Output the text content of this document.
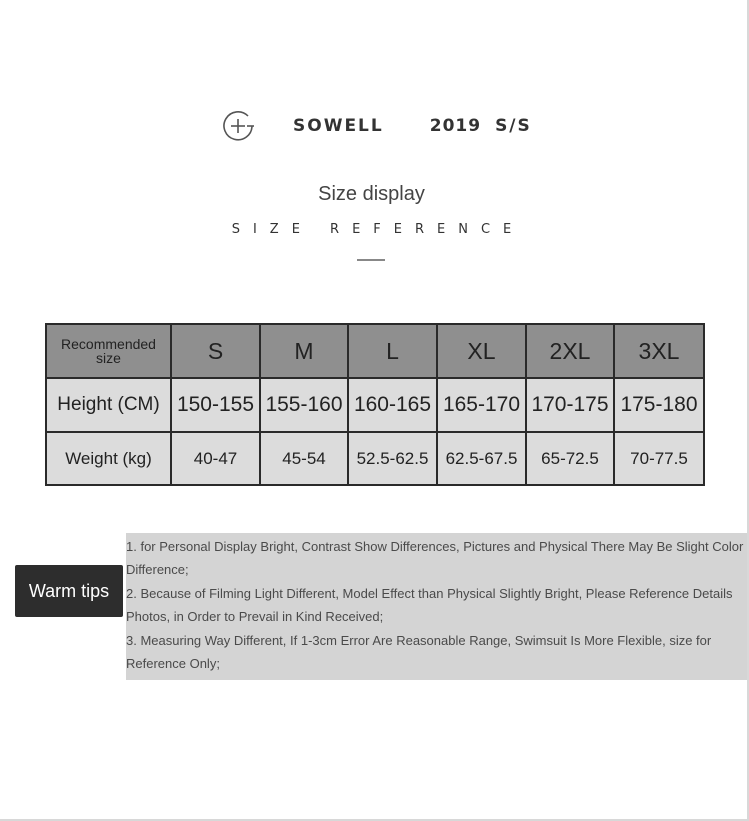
SOWELL	2019 S/S
Size display
SIZE REFERENCE
Recommended size	S	M	L	XL	2XL	3XL
Height (CM)	150-155	155-160	160-165	165-170	170-175	175-180
Weight (kg)	40-47	45-54	52.5-62.5	62.5-67.5	65-72.5	70-77.5
Warm tips
1. for Personal Display Bright, Contrast Show Differences, Pictures and Physical There May Be Slight Color
Difference;
2. Because of Filming Light Different, Model Effect than Physical Slightly Bright, Please Reference Details
Photos, in Order to Prevail in Kind Received;
3. Measuring Way Different, If 1-3cm Error Are Reasonable Range, Swimsuit Is More Flexible, size for
Reference Only;
